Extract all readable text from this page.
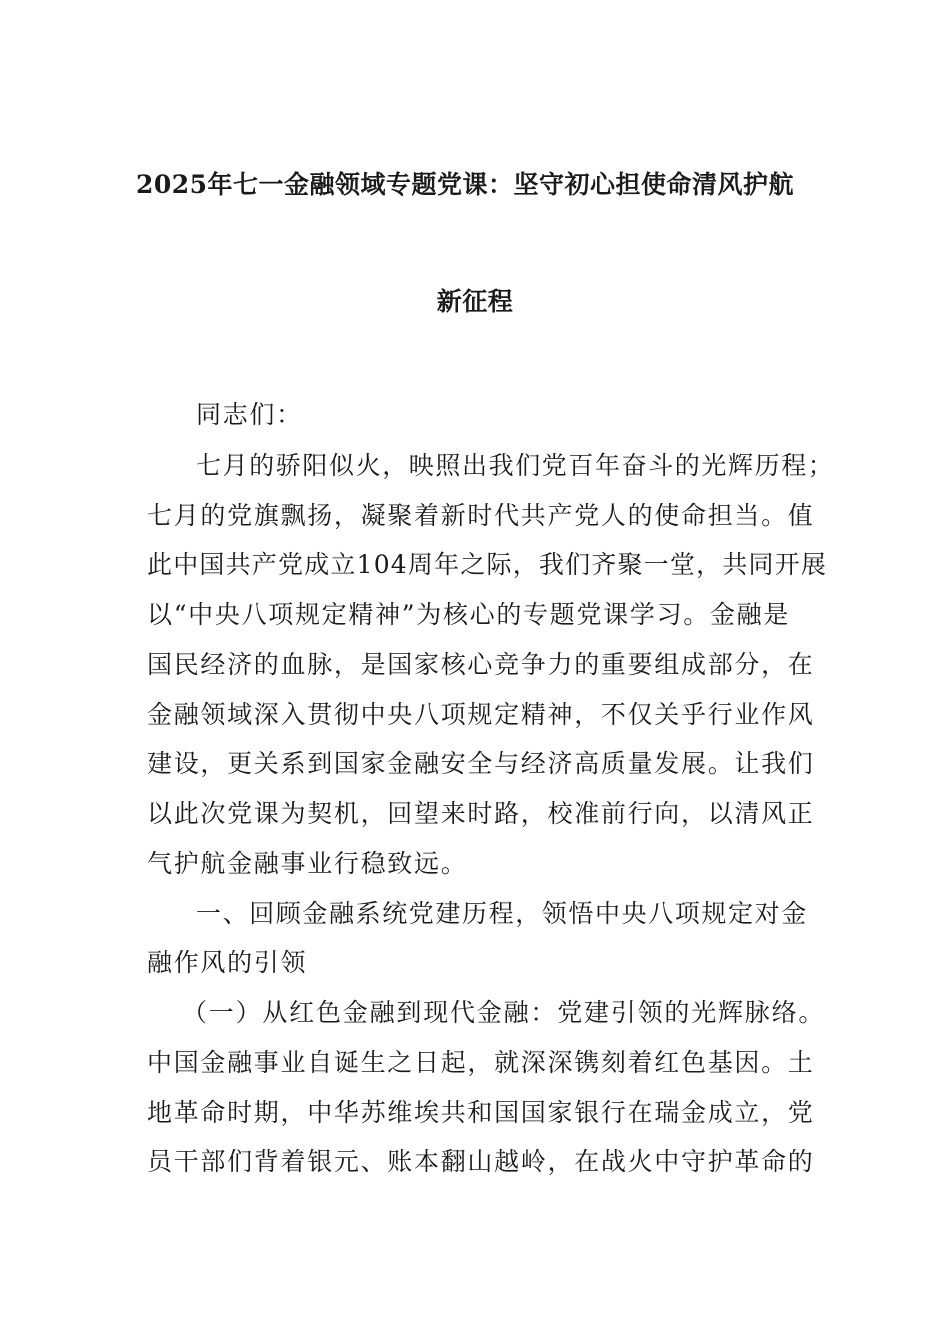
2025年七一金融领域专题党课：坚守初心担使命清风护航
新征程
同志们：
七月的骄阳似火，映照出我们党百年奋斗的光辉历程；
七月的党旗飘扬，凝聚着新时代共产党人的使命担当。值
此中国共产党成立104周年之际，我们齐聚一堂，共同开展
以“中央八项规定精神”为核心的专题党课学习。金融是
国民经济的血脉，是国家核心竞争力的重要组成部分，在
金融领域深入贯彻中央八项规定精神，不仅关乎行业作风
建设，更关系到国家金融安全与经济高质量发展。让我们
以此次党课为契机，回望来时路，校准前行向，以清风正
气护航金融事业行稳致远。
一、回顾金融系统党建历程，领悟中央八项规定对金
融作风的引领
（一）从红色金融到现代金融：党建引领的光辉脉络。
中国金融事业自诞生之日起，就深深镌刻着红色基因。土
地革命时期，中华苏维埃共和国国家银行在瑞金成立，党
员干部们背着银元、账本翻山越岭，在战火中守护革命的
